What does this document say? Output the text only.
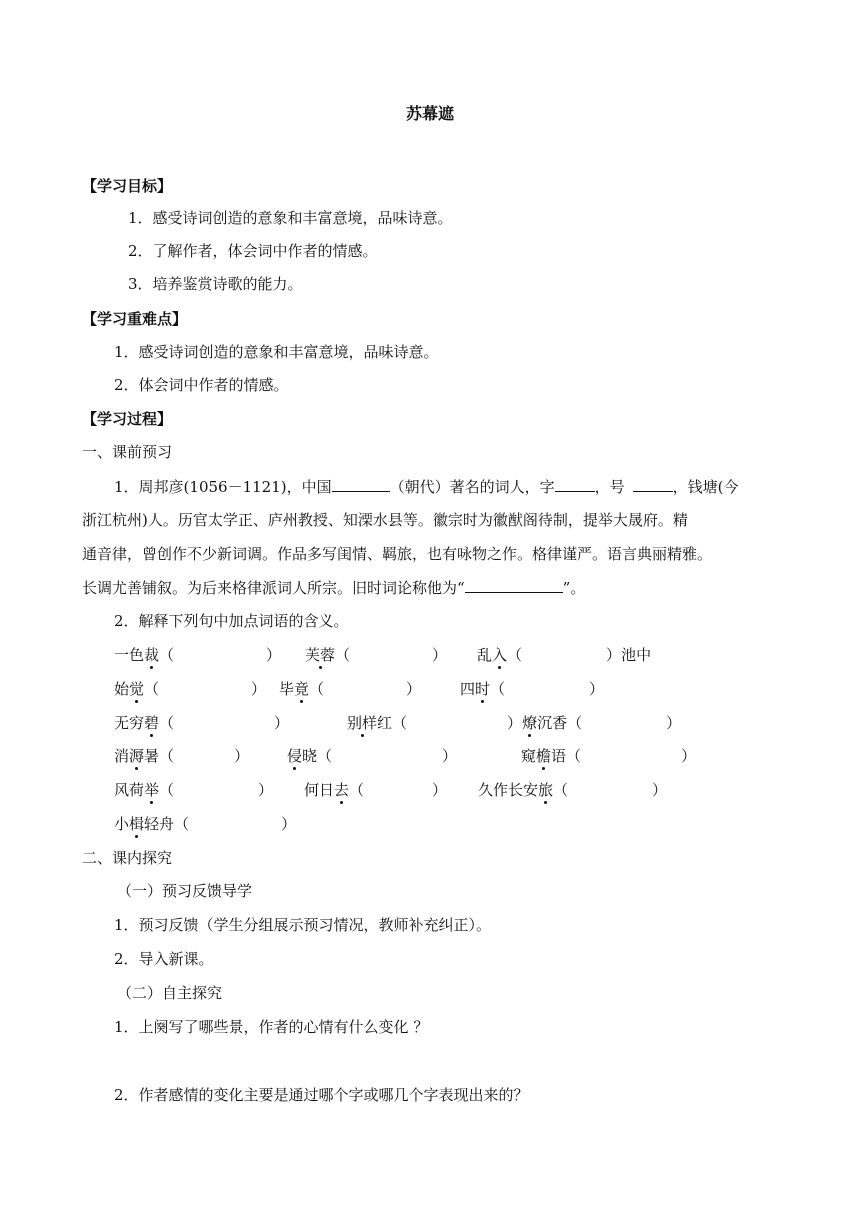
苏幕遮
【学习目标】
1．感受诗词创造的意象和丰富意境，品味诗意。
2．了解作者，体会词中作者的情感。
3．培养鉴赏诗歌的能力。
【学习重难点】
1．感受诗词创造的意象和丰富意境，品味诗意。
2．体会词中作者的情感。
【学习过程】
一、课前预习
1．周邦彦(1056－1121)，中国	（朝代）著名的词人，字	，号	，钱塘(今
浙江杭州)人。历官太学正、庐州教授、知溧水县等。徽宗时为徽猷阁待制，提举大晟府。精
通音律，曾创作不少新词调。作品多写闺情、羁旅，也有咏物之作。格律谨严。语言典丽精雅。
长调尤善铺叙。为后来格律派词人所宗。旧时词论称他为“	”。
2．解释下列句中加点词语的含义。
一色裁（	） 芙蓉（	） 乱入（	）池中
始觉（	） 毕竟（	）	四时（	）
无穷碧（	）	别样红（	）燎沉香（	）
消溽暑（	）	侵晓（	）	窥檐语（	）
风荷举（	） 何日去（	） 久作长安旅（	）
小楫轻舟（	）
二、课内探究
（一）预习反馈导学
1．预习反馈（学生分组展示预习情况，教师补充纠正）。
2．导入新课。
（二）自主探究
1．上阕写了哪些景，作者的心情有什么变化 ？
2．作者感情的变化主要是通过哪个字或哪几个字表现出来的？
